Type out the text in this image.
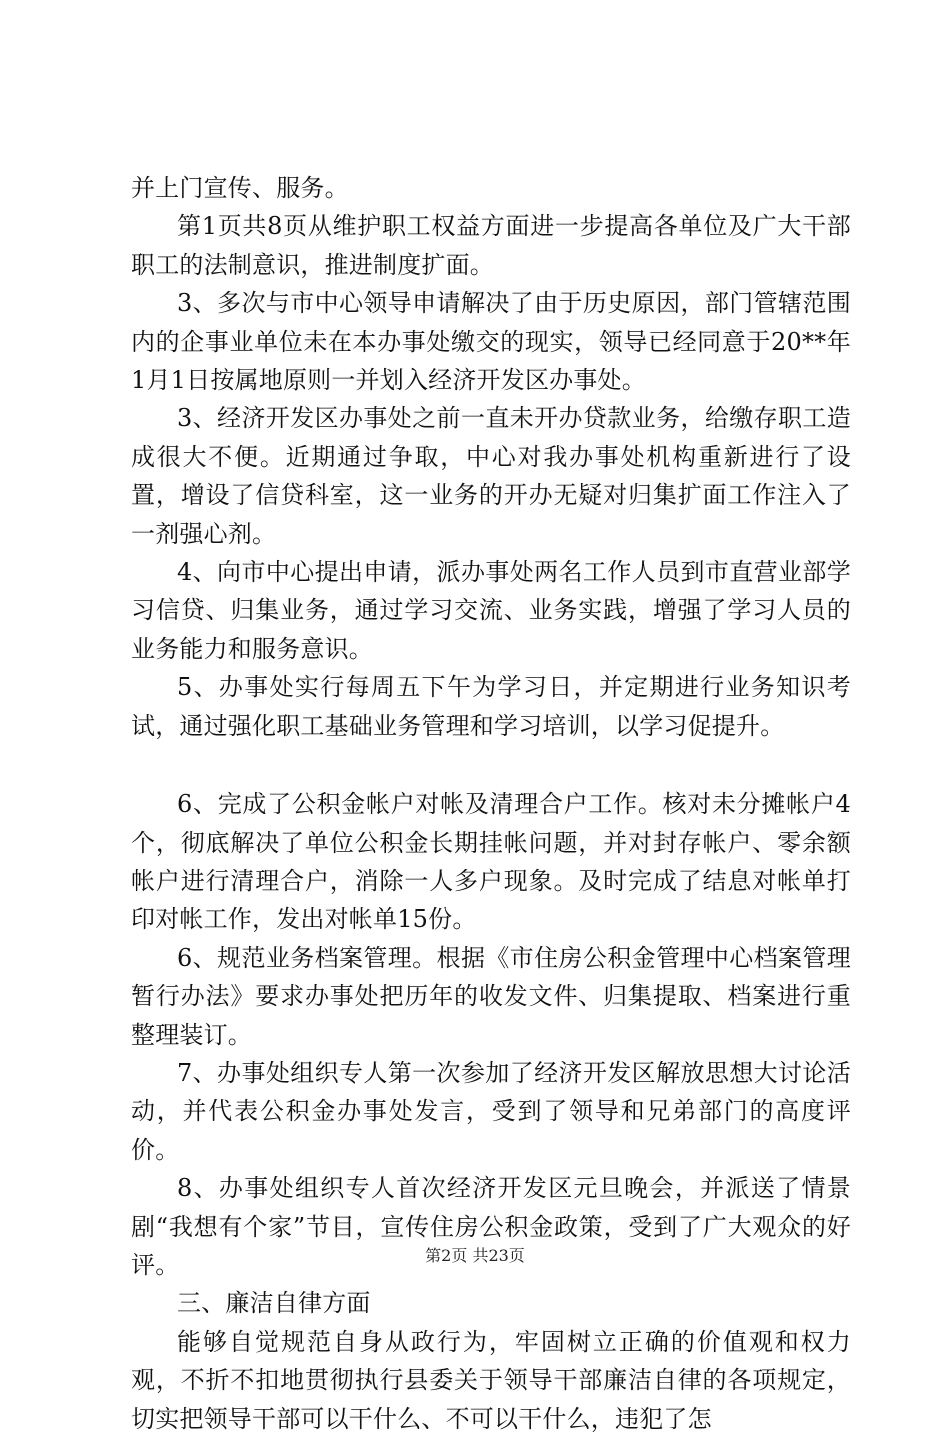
并上门宣传、服务。

第1页共8页从维护职工权益方面进一步提高各单位及广大干部职工的法制意识，推进制度扩面。

3、多次与市中心领导申请解决了由于历史原因，部门管辖范围内的企事业单位未在本办事处缴交的现实，领导已经同意于20**年1月1日按属地原则一并划入经济开发区办事处。

3、经济开发区办事处之前一直未开办贷款业务，给缴存职工造成很大不便。近期通过争取，中心对我办事处机构重新进行了设置，增设了信贷科室，这一业务的开办无疑对归集扩面工作注入了一剂强心剂。

4、向市中心提出申请，派办事处两名工作人员到市直营业部学习信贷、归集业务，通过学习交流、业务实践，增强了学习人员的业务能力和服务意识。

5、办事处实行每周五下午为学习日，并定期进行业务知识考试，通过强化职工基础业务管理和学习培训，以学习促提升。

6、完成了公积金帐户对帐及清理合户工作。核对未分摊帐户4个，彻底解决了单位公积金长期挂帐问题，并对封存帐户、零余额帐户进行清理合户，消除一人多户现象。及时完成了结息对帐单打印对帐工作，发出对帐单15份。

6、规范业务档案管理。根据《市住房公积金管理中心档案管理暂行办法》要求办事处把历年的收发文件、归集提取、档案进行重整理装订。

7、办事处组织专人第一次参加了经济开发区解放思想大讨论活动，并代表公积金办事处发言，受到了领导和兄弟部门的高度评价。

8、办事处组织专人首次经济开发区元旦晚会，并派送了情景剧“我想有个家”节目，宣传住房公积金政策，受到了广大观众的好评。

三、廉洁自律方面

能够自觉规范自身从政行为，牢固树立正确的价值观和权力观，不折不扣地贯彻执行县委关于领导干部廉洁自律的各项规定，切实把领导干部可以干什么、不可以干什么，违犯了怎

第2页 共23页
